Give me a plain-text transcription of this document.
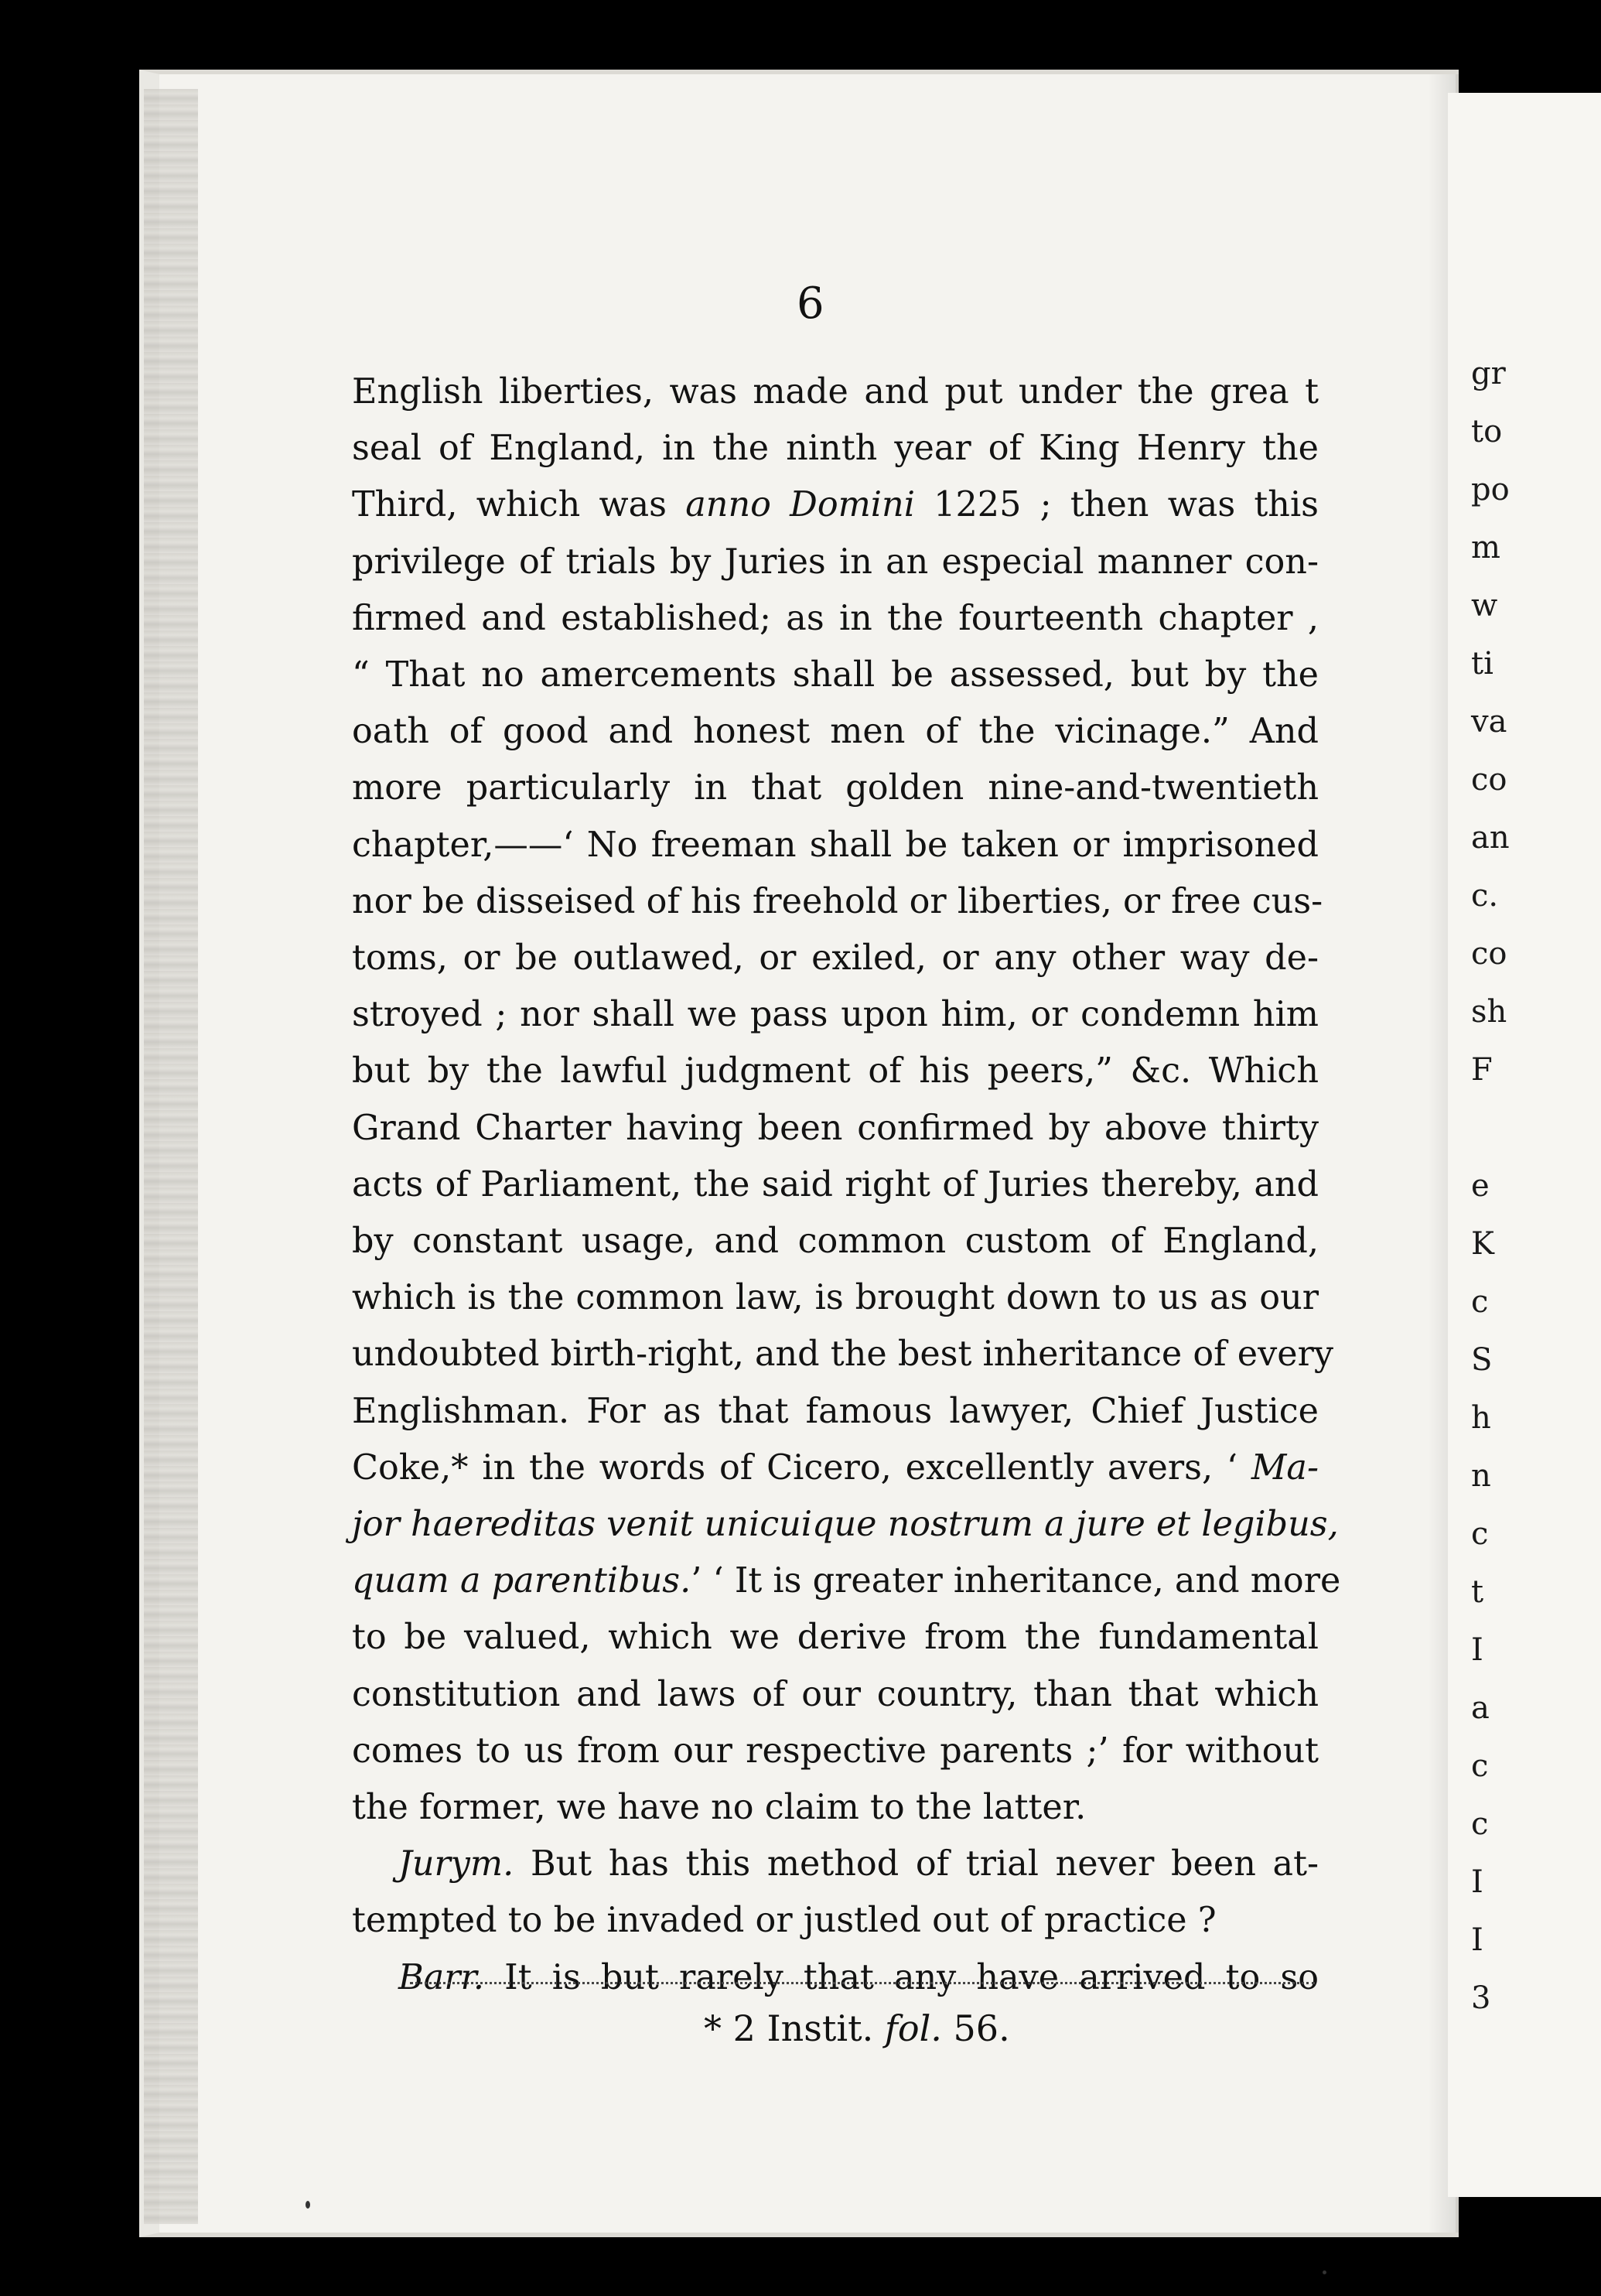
6
English liberties, was made and put under the grea t
seal of England, in the ninth year of King Henry the
Third, which was anno Domini 1225 ; then was this
privilege of trials by Juries in an especial manner con-
firmed and established; as in the fourteenth chapter ,
“ That no amercements shall be assessed, but by the
oath of good and honest men of the vicinage.” And
more particularly in that golden nine-and-twentieth
chapter,——‘ No freeman shall be taken or imprisoned
nor be disseised of his freehold or liberties, or free cus-
toms, or be outlawed, or exiled, or any other way de-
stroyed ; nor shall we pass upon him, or condemn him
but by the lawful judgment of his peers,” &c. Which
Grand Charter having been confirmed by above thirty
acts of Parliament, the said right of Juries thereby, and
by constant usage, and common custom of England,
which is the common law, is brought down to us as our
undoubted birth-right, and the best inheritance of every
Englishman. For as that famous lawyer, Chief Justice
Coke,* in the words of Cicero, excellently avers, ‘ Ma-
jor haereditas venit unicuique nostrum a jure et legibus,
quam a parentibus.’ ‘ It is greater inheritance, and more
to be valued, which we derive from the fundamental
constitution and laws of our country, than that which
comes to us from our respective parents ;’ for without
the former, we have no claim to the latter.
Jurym. But has this method of trial never been at-
tempted to be invaded or justled out of practice ?
Barr. It is but rarely that any have arrived to so
* 2 Instit. fol. 56.
gr
to
po
m
w
ti
va
co
an
c.
co
sh
F
e
K
c
S
h
n
c
t
I
a
c
c
I
I
3
